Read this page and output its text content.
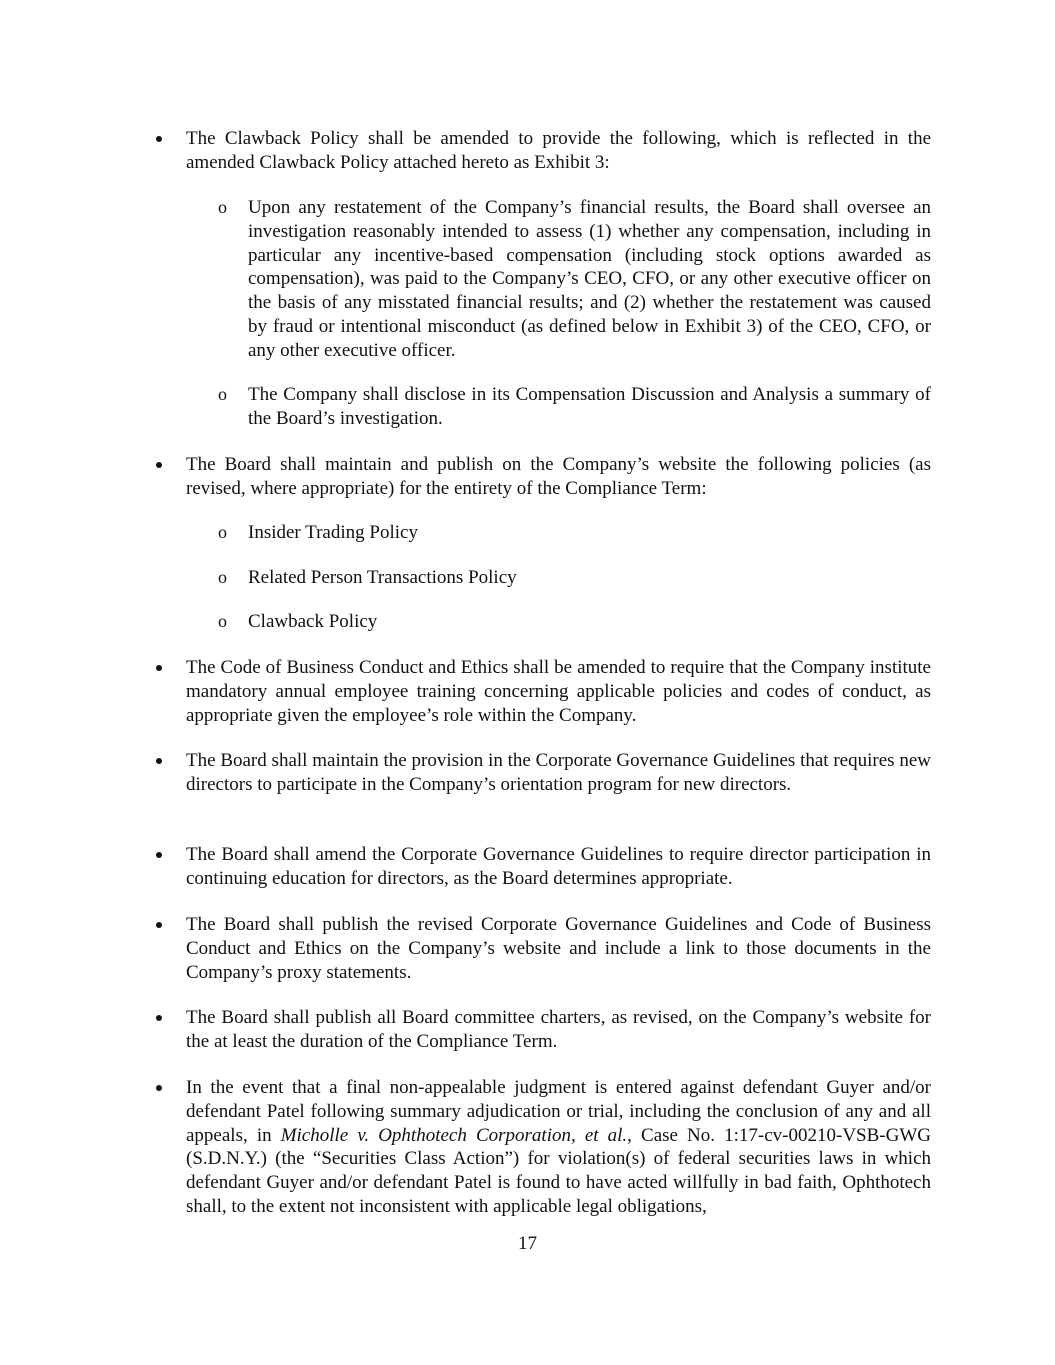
The Clawback Policy shall be amended to provide the following, which is reflected in the amended Clawback Policy attached hereto as Exhibit 3:
o Upon any restatement of the Company’s financial results, the Board shall oversee an investigation reasonably intended to assess (1) whether any compensation, including in particular any incentive-based compensation (including stock options awarded as compensation), was paid to the Company’s CEO, CFO, or any other executive officer on the basis of any misstated financial results; and (2) whether the restatement was caused by fraud or intentional misconduct (as defined below in Exhibit 3) of the CEO, CFO, or any other executive officer.
o The Company shall disclose in its Compensation Discussion and Analysis a summary of the Board’s investigation.
The Board shall maintain and publish on the Company’s website the following policies (as revised, where appropriate) for the entirety of the Compliance Term:
o Insider Trading Policy
o Related Person Transactions Policy
o Clawback Policy
The Code of Business Conduct and Ethics shall be amended to require that the Company institute mandatory annual employee training concerning applicable policies and codes of conduct, as appropriate given the employee’s role within the Company.
The Board shall maintain the provision in the Corporate Governance Guidelines that requires new directors to participate in the Company’s orientation program for new directors.
The Board shall amend the Corporate Governance Guidelines to require director participation in continuing education for directors, as the Board determines appropriate.
The Board shall publish the revised Corporate Governance Guidelines and Code of Business Conduct and Ethics on the Company’s website and include a link to those documents in the Company’s proxy statements.
The Board shall publish all Board committee charters, as revised, on the Company’s website for the at least the duration of the Compliance Term.
In the event that a final non-appealable judgment is entered against defendant Guyer and/or defendant Patel following summary adjudication or trial, including the conclusion of any and all appeals, in Micholle v. Ophthotech Corporation, et al., Case No. 1:17-cv-00210-VSB-GWG (S.D.N.Y.) (the “Securities Class Action”) for violation(s) of federal securities laws in which defendant Guyer and/or defendant Patel is found to have acted willfully in bad faith, Ophthotech shall, to the extent not inconsistent with applicable legal obligations,
17
